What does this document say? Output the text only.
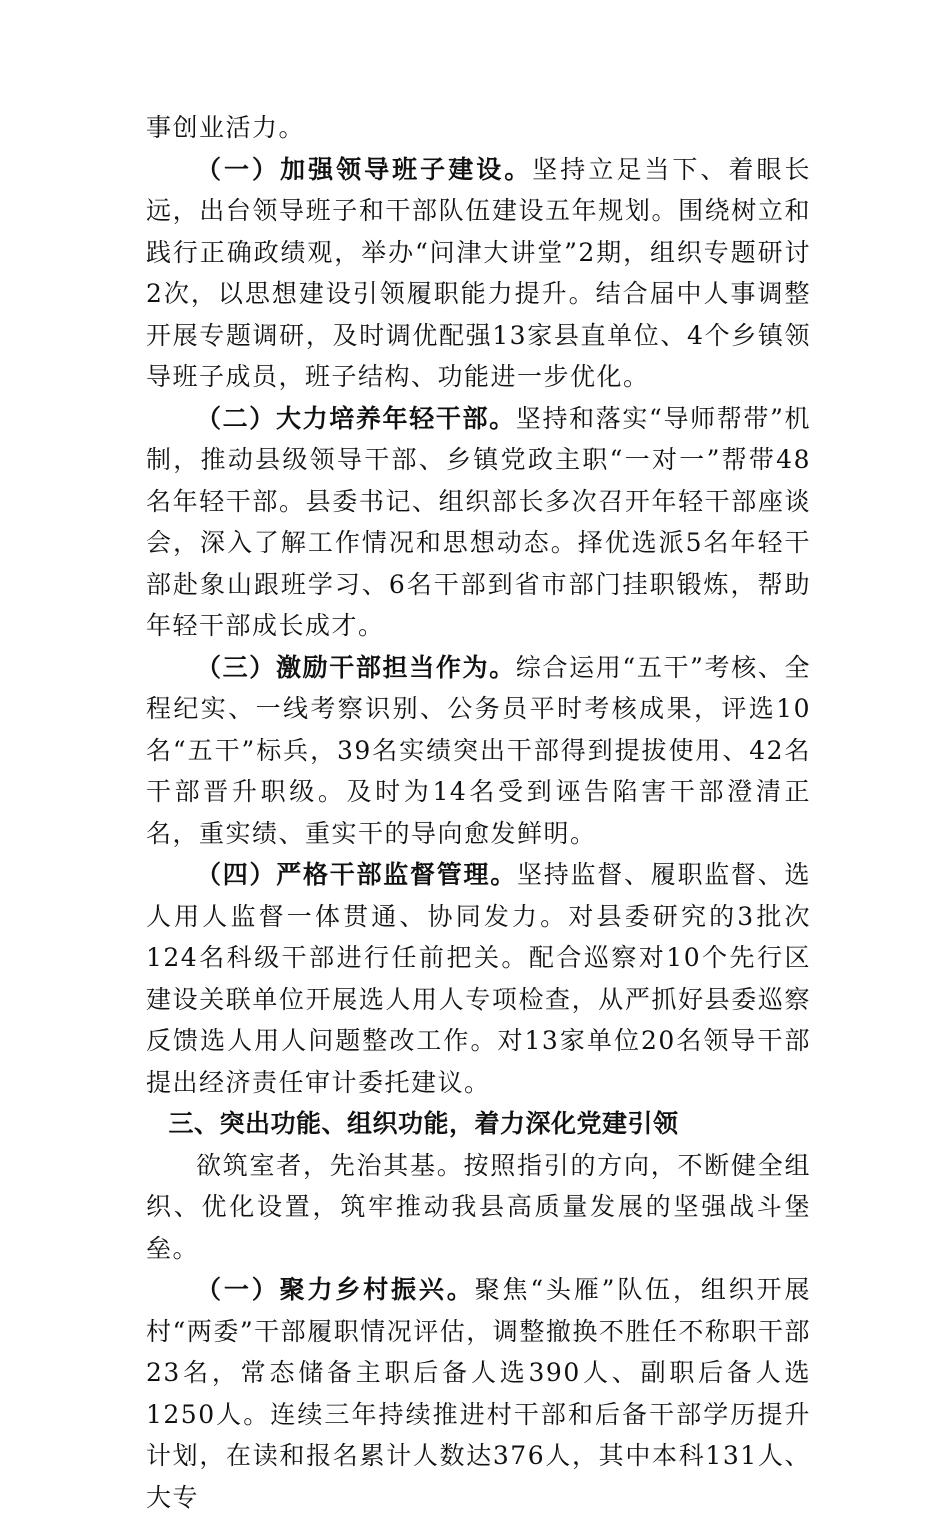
事创业活力。

（一）加强领导班子建设。坚持立足当下、着眼长远，出台领导班子和干部队伍建设五年规划。围绕树立和践行正确政绩观，举办“问津大讲堂”2期，组织专题研讨2次，以思想建设引领履职能力提升。结合届中人事调整开展专题调研，及时调优配强13家县直单位、4个乡镇领导班子成员，班子结构、功能进一步优化。

（二）大力培养年轻干部。坚持和落实“导师帮带”机制，推动县级领导干部、乡镇党政主职“一对一”帮带48名年轻干部。县委书记、组织部长多次召开年轻干部座谈会，深入了解工作情况和思想动态。择优选派5名年轻干部赴象山跟班学习、6名干部到省市部门挂职锻炼，帮助年轻干部成长成才。

（三）激励干部担当作为。综合运用“五干”考核、全程纪实、一线考察识别、公务员平时考核成果，评选10名“五干”标兵，39名实绩突出干部得到提拔使用、42名干部晋升职级。及时为14名受到诬告陷害干部澄清正名，重实绩、重实干的导向愈发鲜明。

（四）严格干部监督管理。坚持监督、履职监督、选人用人监督一体贯通、协同发力。对县委研究的3批次124名科级干部进行任前把关。配合巡察对10个先行区建设关联单位开展选人用人专项检查，从严抓好县委巡察反馈选人用人问题整改工作。对13家单位20名领导干部提出经济责任审计委托建议。

三、突出功能、组织功能，着力深化党建引领

欲筑室者，先治其基。按照指引的方向，不断健全组织、优化设置，筑牢推动我县高质量发展的坚强战斗堡垒。

（一）聚力乡村振兴。聚焦“头雁”队伍，组织开展村“两委”干部履职情况评估，调整撤换不胜任不称职干部23名，常态储备主职后备人选390人、副职后备人选1250人。连续三年持续推进村干部和后备干部学历提升计划，在读和报名累计人数达376人，其中本科131人、大专
